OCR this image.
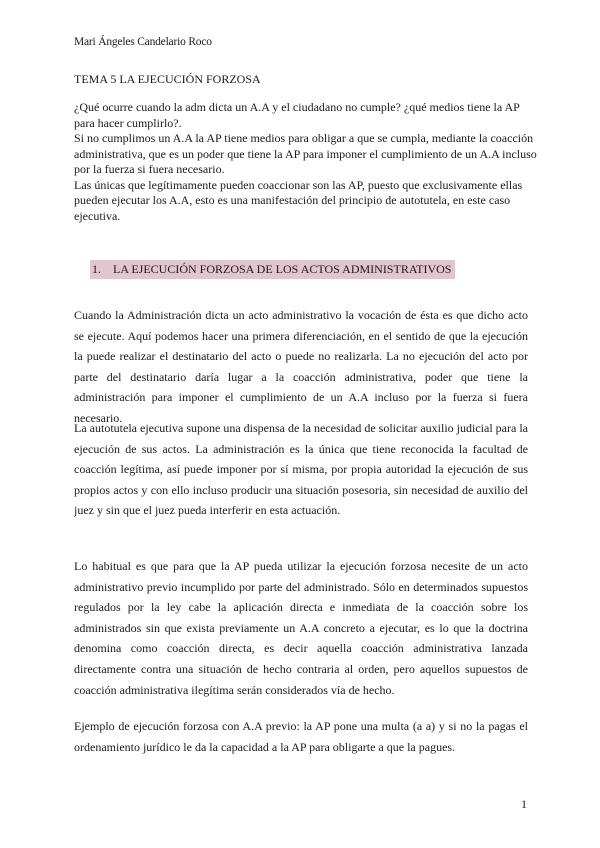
Mari Ángeles Candelario Roco
TEMA 5 LA EJECUCIÓN FORZOSA

¿Qué ocurre cuando la adm dicta un A.A y el ciudadano no cumple? ¿qué medios tiene la AP para hacer cumplirlo?.

Si no cumplimos un A.A la AP tiene medios para obligar a que se cumpla, mediante la coacción administrativa, que es un poder que tiene la AP para imponer el cumplimiento de un A.A incluso por la fuerza si fuera necesario.

Las únicas que legítimamente pueden coaccionar son las AP, puesto que exclusivamente ellas pueden ejecutar los A.A, esto es una manifestación del principio de autotutela, en este caso ejecutiva.

1. LA EJECUCIÓN FORZOSA DE LOS ACTOS ADMINISTRATIVOS

Cuando la Administración dicta un acto administrativo la vocación de ésta es que dicho acto se ejecute. Aquí podemos hacer una primera diferenciación, en el sentido de que la ejecución la puede realizar el destinatario del acto o puede no realizarla. La no ejecución del acto por parte del destinatario daría lugar a la coacción administrativa, poder que tiene la administración para imponer el cumplimiento de un A.A incluso por la fuerza si fuera necesario.

La autotutela ejecutiva supone una dispensa de la necesidad de solicitar auxilio judicial para la ejecución de sus actos. La administración es la única que tiene reconocida la facultad de coacción legítima, así puede imponer por sí misma, por propia autoridad la ejecución de sus propios actos y con ello incluso producir una situación posesoria, sin necesidad de auxilio del juez y sin que el juez pueda interferir en esta actuación.

Lo habitual es que para que la AP pueda utilizar la ejecución forzosa necesite de un acto administrativo previo incumplido por parte del administrado. Sólo en determinados supuestos regulados por la ley cabe la aplicación directa e inmediata de la coacción sobre los administrados sin que exista previamente un A.A concreto a ejecutar, es lo que la doctrina denomina como coacción directa, es decir aquella coacción administrativa lanzada directamente contra una situación de hecho contraria al orden, pero aquellos supuestos de coacción administrativa ilegítima serán considerados vía de hecho.

Ejemplo de ejecución forzosa con A.A previo: la AP pone una multa (a a) y si no la pagas el ordenamiento jurídico le da la capacidad a la AP para obligarte a que la pagues.

1
